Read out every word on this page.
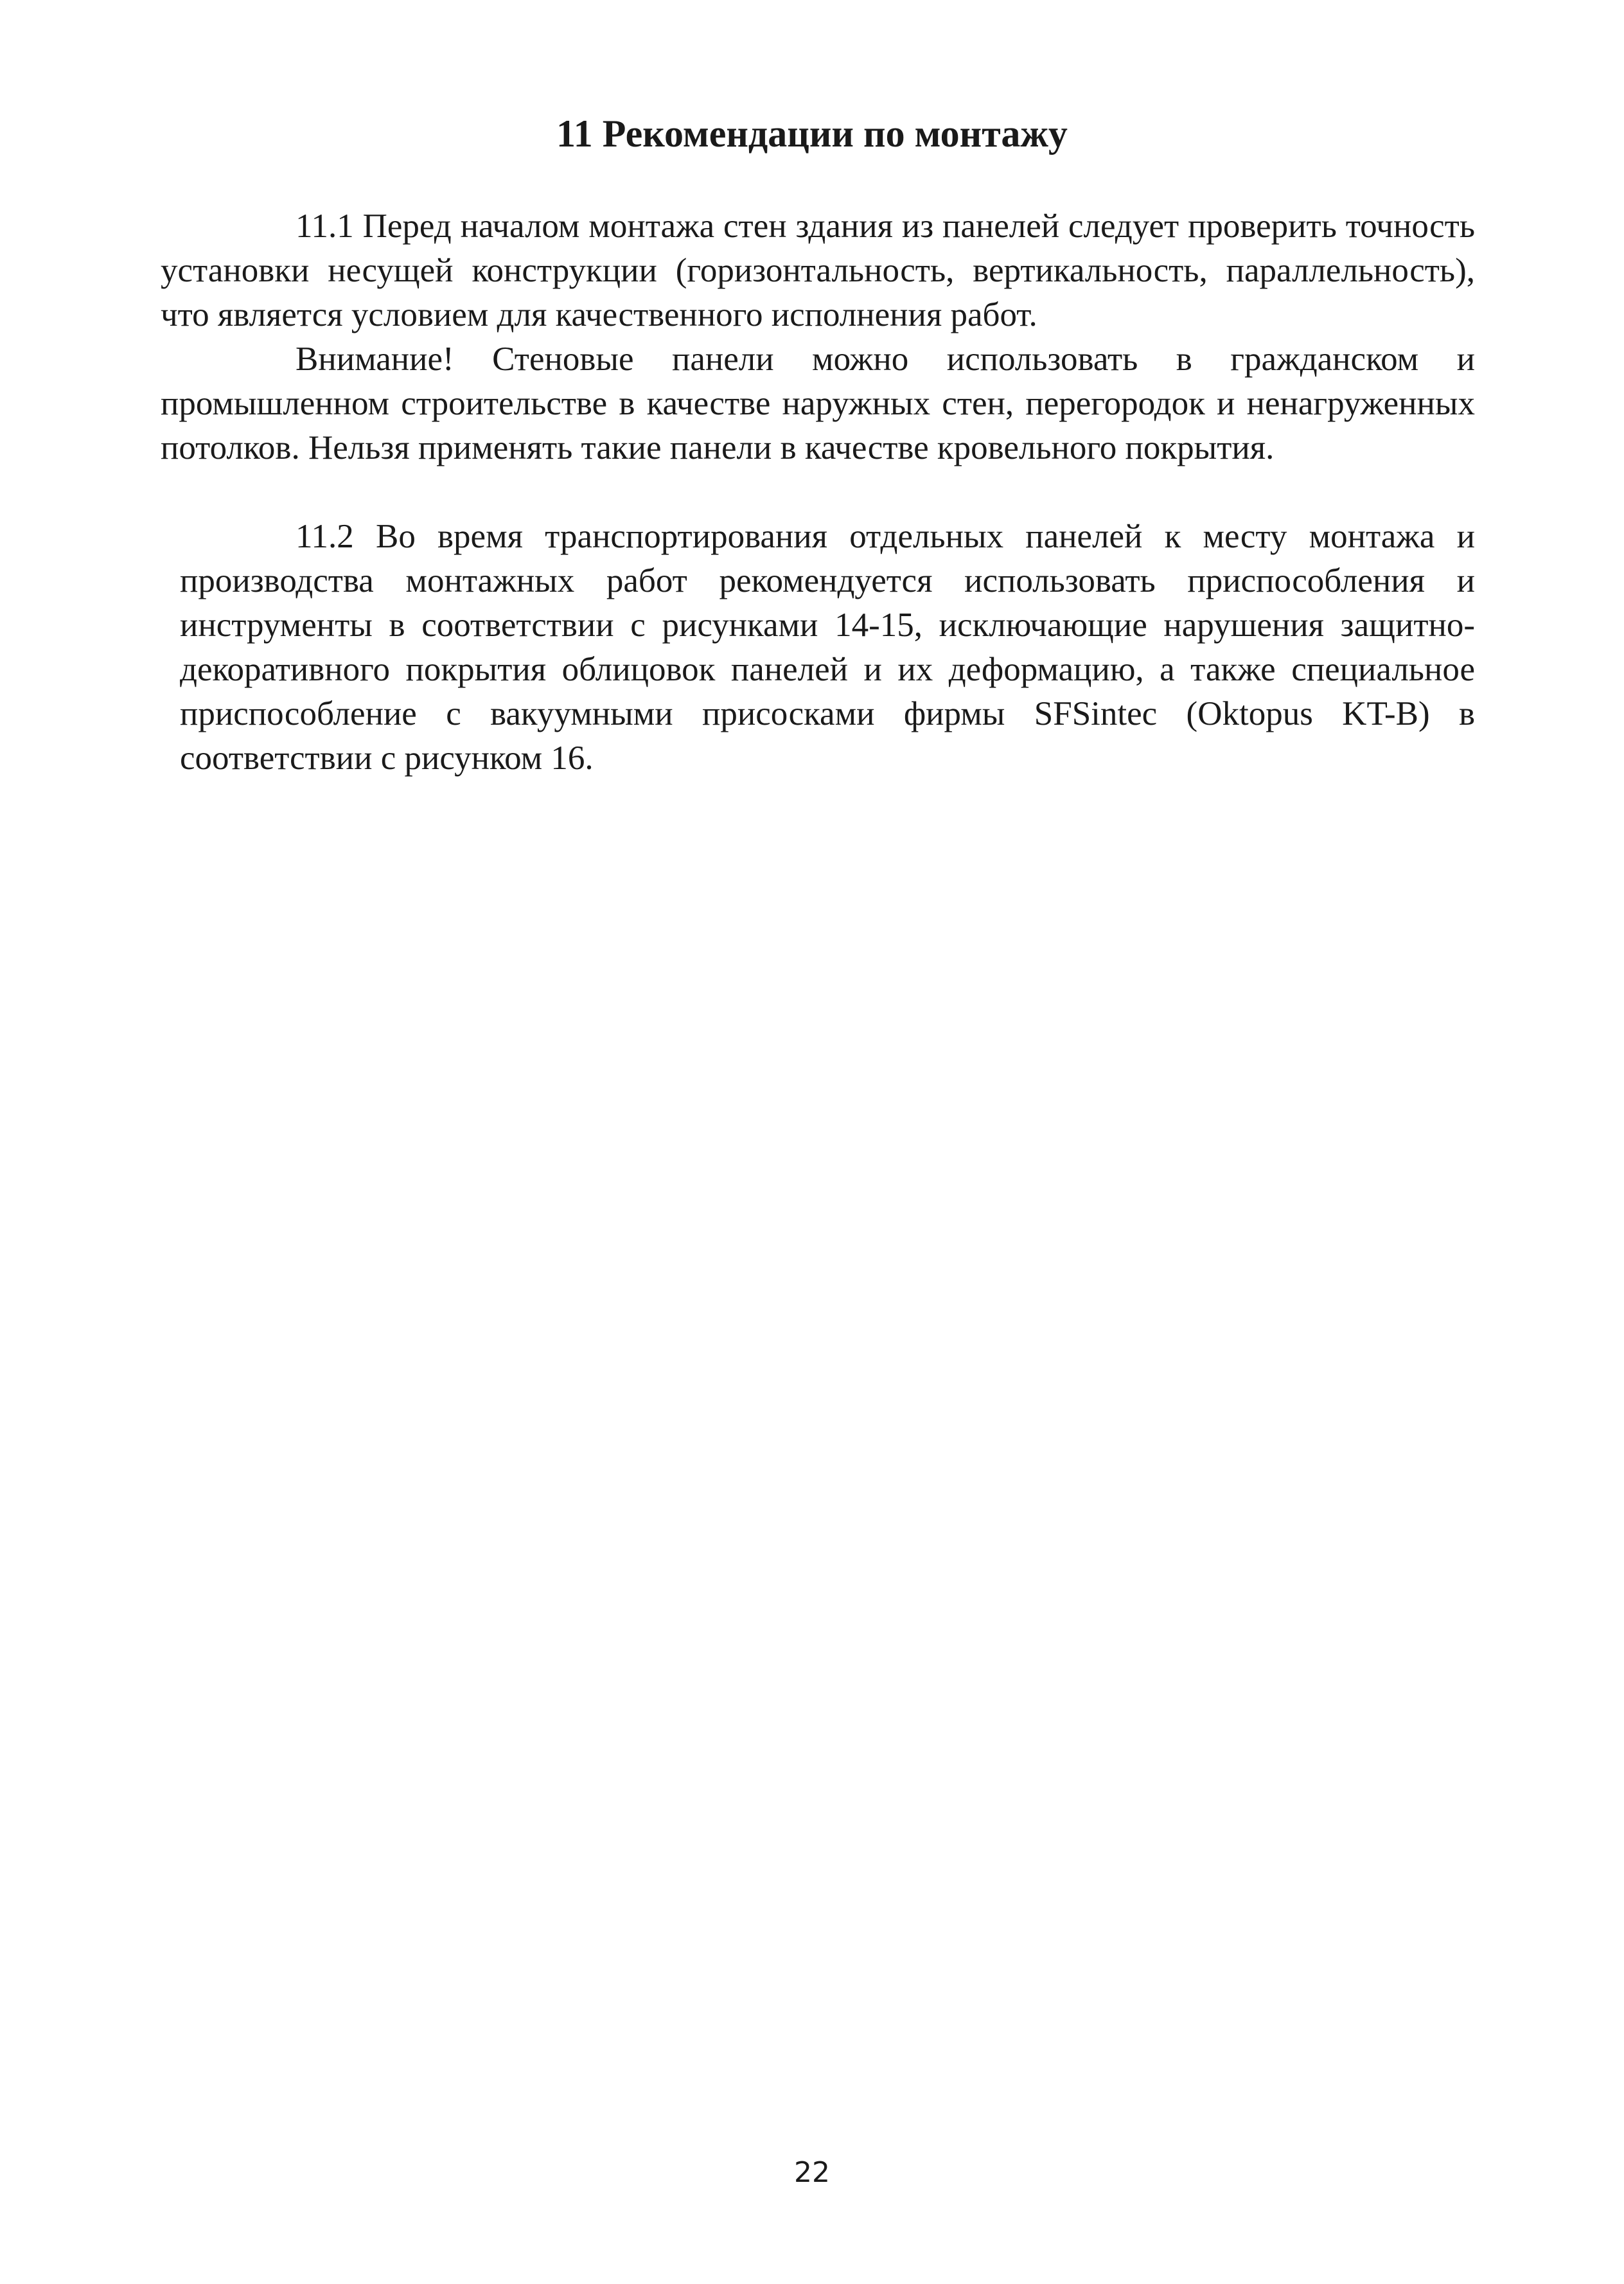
11 Рекомендации по монтажу

11.1 Перед началом монтажа стен здания из панелей следует проверить точность установки несущей конструкции (горизонтальность, вертикальность, параллельность), что является условием для качественного исполнения работ.

Внимание! Стеновые панели можно использовать в гражданском и промышленном строительстве в качестве наружных стен, перегородок и ненагруженных потолков. Нельзя применять такие панели в качестве кровельного покрытия.

11.2 Во время транспортирования отдельных панелей к месту монтажа и производства монтажных работ рекомендуется использовать приспособления и инструменты в соответствии с рисунками 14-15, исключающие нарушения защитно-декоративного покрытия облицовок панелей и их деформацию, а также специальное приспособление с вакуумными присосками фирмы SFSintec (Oktopus KT-B) в соответствии с рисунком 16.

22
